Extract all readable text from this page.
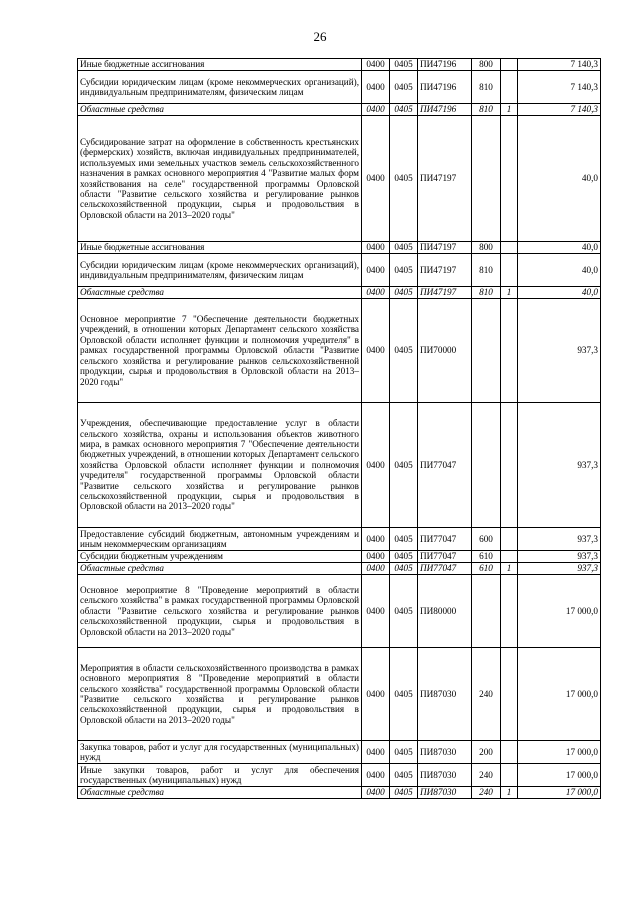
26
Иные бюджетные ассигнования	0400	0405	ПИ47196	800		7 140,3
Субсидии юридическим лицам (кроме некоммерческих организаций), индивидуальным предпринимателям, физическим лицам	0400	0405	ПИ47196	810		7 140,3
Областные средства	0400	0405	ПИ47196	810	1	7 140,3
Субсидирование затрат на оформление в собственность крестьянских (фермерских) хозяйств, включая индивидуальных предпринимателей, используемых ими земельных участков земель сельскохозяйственного назначения в рамках основного мероприятия 4 "Развитие малых форм хозяйствования на селе" государственной программы Орловской области "Развитие сельского хозяйства и регулирование рынков сельскохозяйственной продукции, сырья и продовольствия в Орловской области на 2013–2020 годы"	0400	0405	ПИ47197			40,0
Иные бюджетные ассигнования	0400	0405	ПИ47197	800		40,0
Субсидии юридическим лицам (кроме некоммерческих организаций), индивидуальным предпринимателям, физическим лицам	0400	0405	ПИ47197	810		40,0
Областные средства	0400	0405	ПИ47197	810	1	40,0
Основное мероприятие 7 "Обеспечение деятельности бюджетных учреждений, в отношении которых Департамент сельского хозяйства Орловской области исполняет функции и полномочия учредителя" в рамках государственной программы Орловской области "Развитие сельского хозяйства и регулирование рынков сельскохозяйственной продукции, сырья и продовольствия в Орловской области на 2013–2020 годы"	0400	0405	ПИ70000			937,3
Учреждения, обеспечивающие предоставление услуг в области сельского хозяйства, охраны и использования объектов животного мира, в рамках основного мероприятия 7 "Обеспечение деятельности бюджетных учреждений, в отношении которых Департамент сельского хозяйства Орловской области исполняет функции и полномочия учредителя" государственной программы Орловской области "Развитие сельского хозяйства и регулирование рынков сельскохозяйственной продукции, сырья и продовольствия в Орловской области на 2013–2020 годы"	0400	0405	ПИ77047			937,3
Предоставление субсидий бюджетным, автономным учреждениям и иным некоммерческим организациям	0400	0405	ПИ77047	600		937,3
Субсидии бюджетным учреждениям	0400	0405	ПИ77047	610		937,3
Областные средства	0400	0405	ПИ77047	610	1	937,3
Основное мероприятие 8 "Проведение мероприятий в области сельского хозяйства" в рамках государственной программы Орловской области "Развитие сельского хозяйства и регулирование рынков сельскохозяйственной продукции, сырья и продовольствия в Орловской области на 2013–2020 годы"	0400	0405	ПИ80000			17 000,0
Мероприятия в области сельскохозяйственного производства в рамках основного мероприятия 8 "Проведение мероприятий в области сельского хозяйства" государственной программы Орловской области "Развитие сельского хозяйства и регулирование рынков сельскохозяйственной продукции, сырья и продовольствия в Орловской области на 2013–2020 годы"	0400	0405	ПИ87030	240		17 000,0
Закупка товаров, работ и услуг для государственных (муниципальных) нужд	0400	0405	ПИ87030	200		17 000,0
Иные закупки товаров, работ и услуг для обеспечения государственных (муниципальных) нужд	0400	0405	ПИ87030	240		17 000,0
Областные средства	0400	0405	ПИ87030	240	1	17 000,0
